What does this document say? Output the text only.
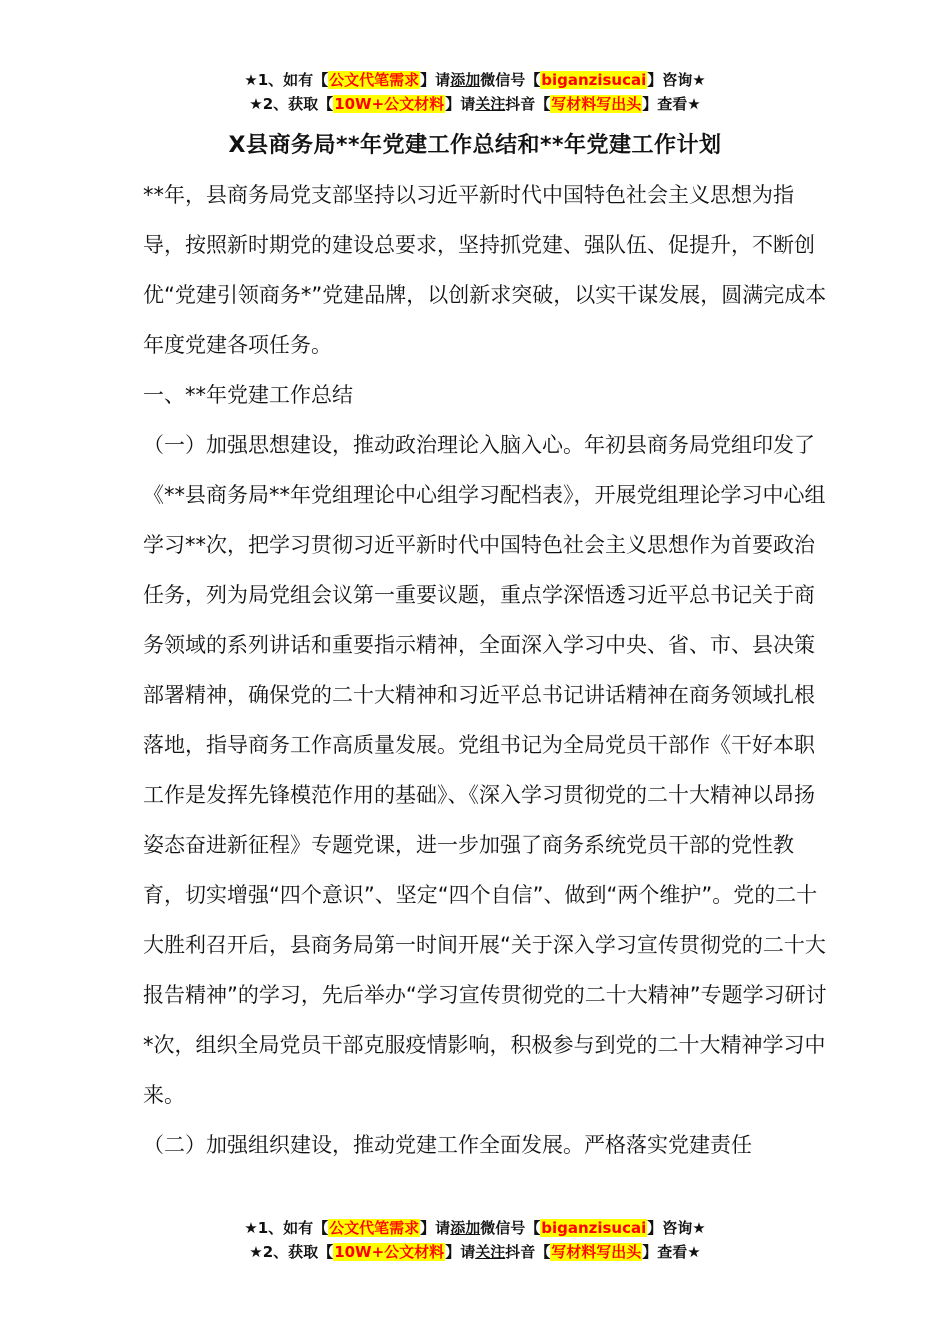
★1、如有【公文代笔需求】请添加微信号【biganzisucai】咨询★
★2、获取【10W+公文材料】请关注抖音【写材料写出头】查看★
X县商务局**年党建工作总结和**年党建工作计划

**年，县商务局党支部坚持以习近平新时代中国特色社会主义思想为指导，按照新时期党的建设总要求，坚持抓党建、强队伍、促提升，不断创优“党建引领商务*”党建品牌，以创新求突破，以实干谋发展，圆满完成本年度党建各项任务。

一、**年党建工作总结

（一）加强思想建设，推动政治理论入脑入心。年初县商务局党组印发了《**县商务局**年党组理论中心组学习配档表》，开展党组理论学习中心组学习**次，把学习贯彻习近平新时代中国特色社会主义思想作为首要政治任务，列为局党组会议第一重要议题，重点学深悟透习近平总书记关于商务领域的系列讲话和重要指示精神，全面深入学习中央、省、市、县决策部署精神，确保党的二十大精神和习近平总书记讲话精神在商务领域扎根落地，指导商务工作高质量发展。党组书记为全局党员干部作《干好本职工作是发挥先锋模范作用的基础》、《深入学习贯彻党的二十大精神以昂扬姿态奋进新征程》专题党课，进一步加强了商务系统党员干部的党性教育，切实增强“四个意识”、坚定“四个自信”、做到“两个维护”。党的二十大胜利召开后，县商务局第一时间开展“关于深入学习宣传贯彻党的二十大报告精神”的学习，先后举办“学习宣传贯彻党的二十大精神”专题学习研讨*次，组织全局党员干部克服疫情影响，积极参与到党的二十大精神学习中来。

（二）加强组织建设，推动党建工作全面发展。严格落实党建责任

★1、如有【公文代笔需求】请添加微信号【biganzisucai】咨询★
★2、获取【10W+公文材料】请关注抖音【写材料写出头】查看★
